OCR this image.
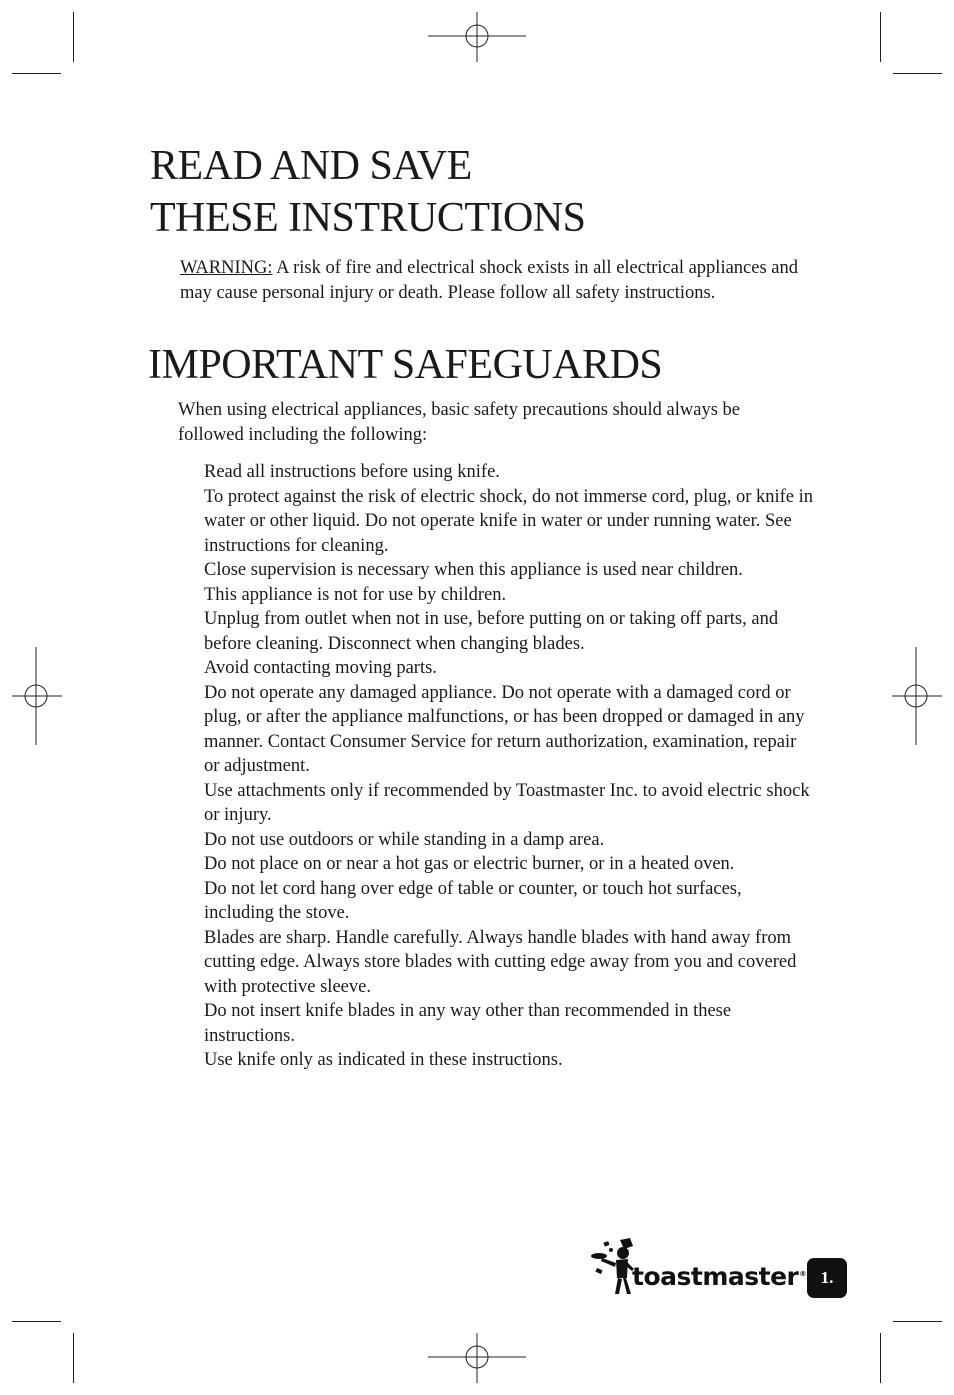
READ AND SAVE
THESE INSTRUCTIONS

WARNING: A risk of fire and electrical shock exists in all electrical appliances and may cause personal injury or death. Please follow all safety instructions.

IMPORTANT SAFEGUARDS

When using electrical appliances, basic safety precautions should always be followed including the following:

Read all instructions before using knife.
To protect against the risk of electric shock, do not immerse cord, plug, or knife in water or other liquid. Do not operate knife in water or under running water. See instructions for cleaning.
Close supervision is necessary when this appliance is used near children.
This appliance is not for use by children.
Unplug from outlet when not in use, before putting on or taking off parts, and before cleaning. Disconnect when changing blades.
Avoid contacting moving parts.
Do not operate any damaged appliance. Do not operate with a damaged cord or plug, or after the appliance malfunctions, or has been dropped or damaged in any manner. Contact Consumer Service for return authorization, examination, repair or adjustment.
Use attachments only if recommended by Toastmaster Inc. to avoid electric shock or injury.
Do not use outdoors or while standing in a damp area.
Do not place on or near a hot gas or electric burner, or in a heated oven.
Do not let cord hang over edge of table or counter, or touch hot surfaces, including the stove.
Blades are sharp. Handle carefully. Always handle blades with hand away from cutting edge. Always store blades with cutting edge away from you and covered with protective sleeve.
Do not insert knife blades in any way other than recommended in these instructions.
Use knife only as indicated in these instructions.
toastmaster® 1.
